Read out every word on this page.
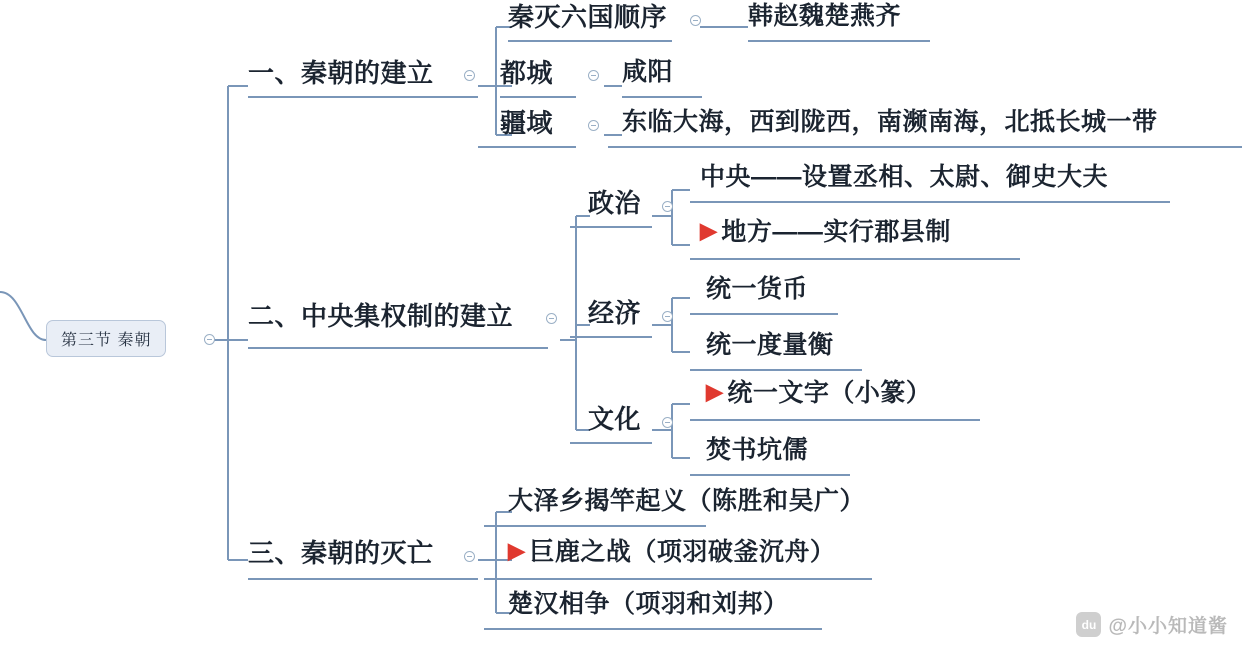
第三节 秦朝
一、秦朝的建立
秦灭六国顺序	韩赵魏楚燕齐
都城	咸阳
疆域	东临大海，西到陇西，南濒南海，北抵长城一带
二、中央集权制的建立
政治
中央——设置丞相、太尉、御史大夫
▶ 地方——实行郡县制
经济
统一货币
统一度量衡
文化
▶ 统一文字（小篆）
焚书坑儒
三、秦朝的灭亡
大泽乡揭竿起义（陈胜和吴广）
▶ 巨鹿之战（项羽破釜沉舟）
楚汉相争（项羽和刘邦）
du @小小知道酱
